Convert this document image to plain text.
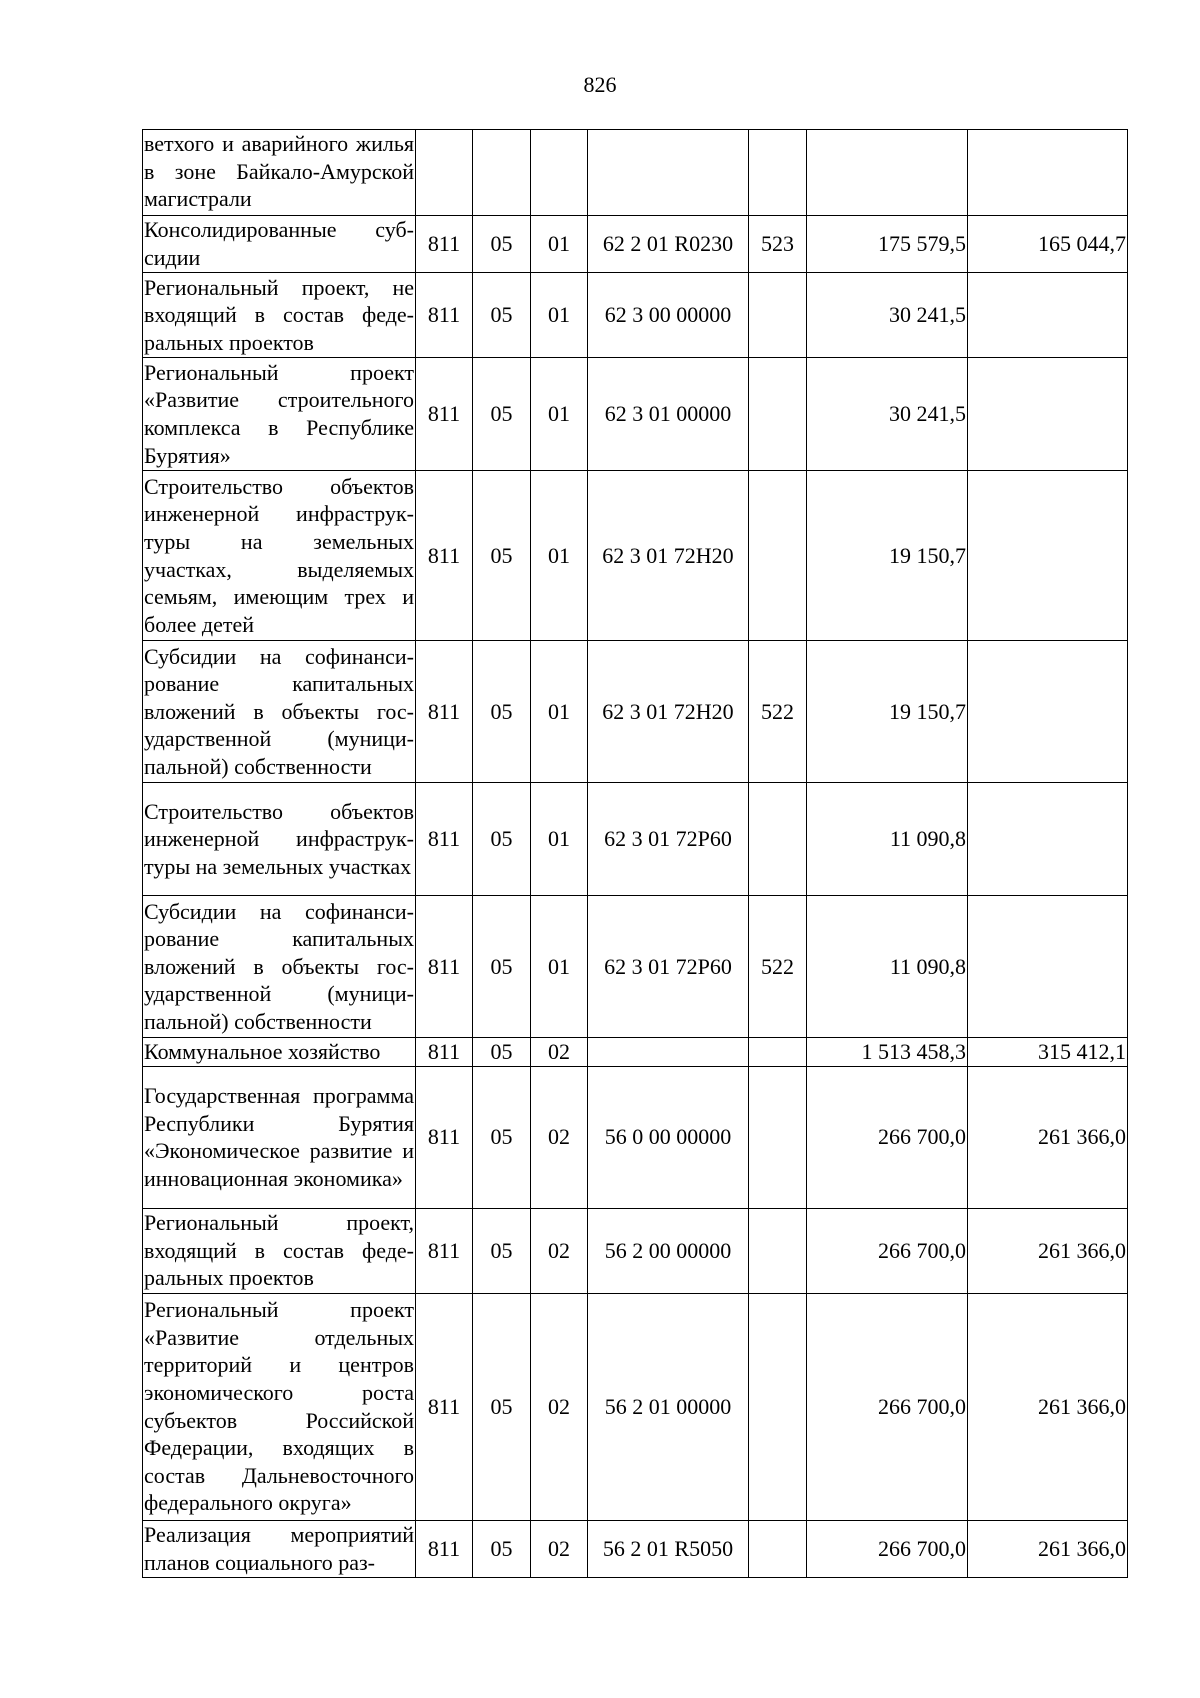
826
ветхого и аварийного жилья в зоне Байкало-Амурской магистрали							
Консолидированные субсидии	811	05	01	62 2 01 R0230	523	175 579,5	165 044,7
Региональный проект, не входящий в состав федеральных проектов	811	05	01	62 3 00 00000		30 241,5	
Региональный проект «Развитие строительного комплекса в Республике Бурятия»	811	05	01	62 3 01 00000		30 241,5	
Строительство объектов инженерной инфраструктуры на земельных участках, выделяемых семьям, имеющим трех и более детей	811	05	01	62 3 01 72Н20		19 150,7	
Субсидии на софинансирование капитальных вложений в объекты государственной (муниципальной) собственности	811	05	01	62 3 01 72Н20	522	19 150,7	
Строительство объектов инженерной инфраструктуры на земельных участках	811	05	01	62 3 01 72Р60		11 090,8	
Субсидии на софинансирование капитальных вложений в объекты государственной (муниципальной) собственности	811	05	01	62 3 01 72Р60	522	11 090,8	
Коммунальное хозяйство	811	05	02			1 513 458,3	315 412,1
Государственная программа Республики Бурятия «Экономическое развитие и инновационная экономика»	811	05	02	56 0 00 00000		266 700,0	261 366,0
Региональный проект, входящий в состав федеральных проектов	811	05	02	56 2 00 00000		266 700,0	261 366,0
Региональный проект «Развитие отдельных территорий и центров экономического роста субъектов Российской Федерации, входящих в состав Дальневосточного федерального округа»	811	05	02	56 2 01 00000		266 700,0	261 366,0
Реализация мероприятий планов социального раз-	811	05	02	56 2 01 R5050		266 700,0	261 366,0
